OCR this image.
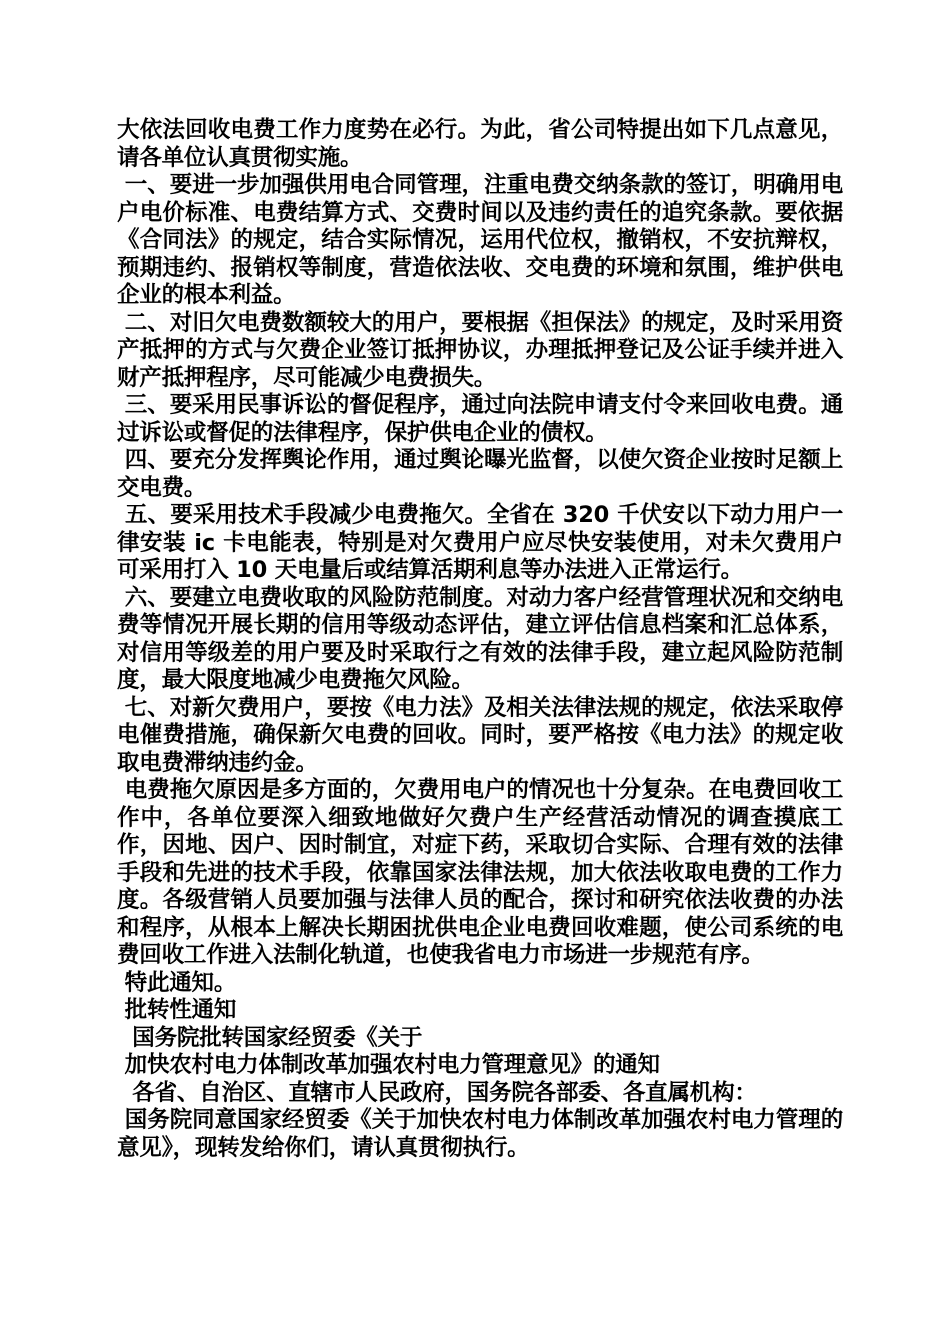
大依法回收电费工作力度势在必行。为此，省公司特提出如下几点意见，请各单位认真贯彻实施。

一、要进一步加强供用电合同管理，注重电费交纳条款的签订，明确用电户电价标准、电费结算方式、交费时间以及违约责任的追究条款。要依据《合同法》的规定，结合实际情况，运用代位权，撤销权，不安抗辩权，预期违约、报销权等制度，营造依法收、交电费的环境和氛围，维护供电企业的根本利益。

二、对旧欠电费数额较大的用户，要根据《担保法》的规定，及时采用资产抵押的方式与欠费企业签订抵押协议，办理抵押登记及公证手续并进入财产抵押程序，尽可能减少电费损失。

三、要采用民事诉讼的督促程序，通过向法院申请支付令来回收电费。通过诉讼或督促的法律程序，保护供电企业的债权。

四、要充分发挥舆论作用，通过舆论曝光监督，以使欠资企业按时足额上交电费。

五、要采用技术手段减少电费拖欠。全省在 320 千伏安以下动力用户一律安装 ic 卡电能表，特别是对欠费用户应尽快安装使用，对未欠费用户可采用打入 10 天电量后或结算活期利息等办法进入正常运行。

六、要建立电费收取的风险防范制度。对动力客户经营管理状况和交纳电费等情况开展长期的信用等级动态评估，建立评估信息档案和汇总体系，对信用等级差的用户要及时采取行之有效的法律手段，建立起风险防范制度，最大限度地减少电费拖欠风险。

七、对新欠费用户，要按《电力法》及相关法律法规的规定，依法采取停电催费措施，确保新欠电费的回收。同时，要严格按《电力法》的规定收取电费滞纳违约金。

电费拖欠原因是多方面的，欠费用电户的情况也十分复杂。在电费回收工作中，各单位要深入细致地做好欠费户生产经营活动情况的调查摸底工作，因地、因户、因时制宜，对症下药，采取切合实际、合理有效的法律手段和先进的技术手段，依靠国家法律法规，加大依法收取电费的工作力度。各级营销人员要加强与法律人员的配合，探讨和研究依法收费的办法和程序，从根本上解决长期困扰供电企业电费回收难题，使公司系统的电费回收工作进入法制化轨道，也使我省电力市场进一步规范有序。

特此通知。

批转性通知

国务院批转国家经贸委《关于

加快农村电力体制改革加强农村电力管理意见》的通知

各省、自治区、直辖市人民政府，国务院各部委、各直属机构：

国务院同意国家经贸委《关于加快农村电力体制改革加强农村电力管理的意见》，现转发给你们，请认真贯彻执行。
